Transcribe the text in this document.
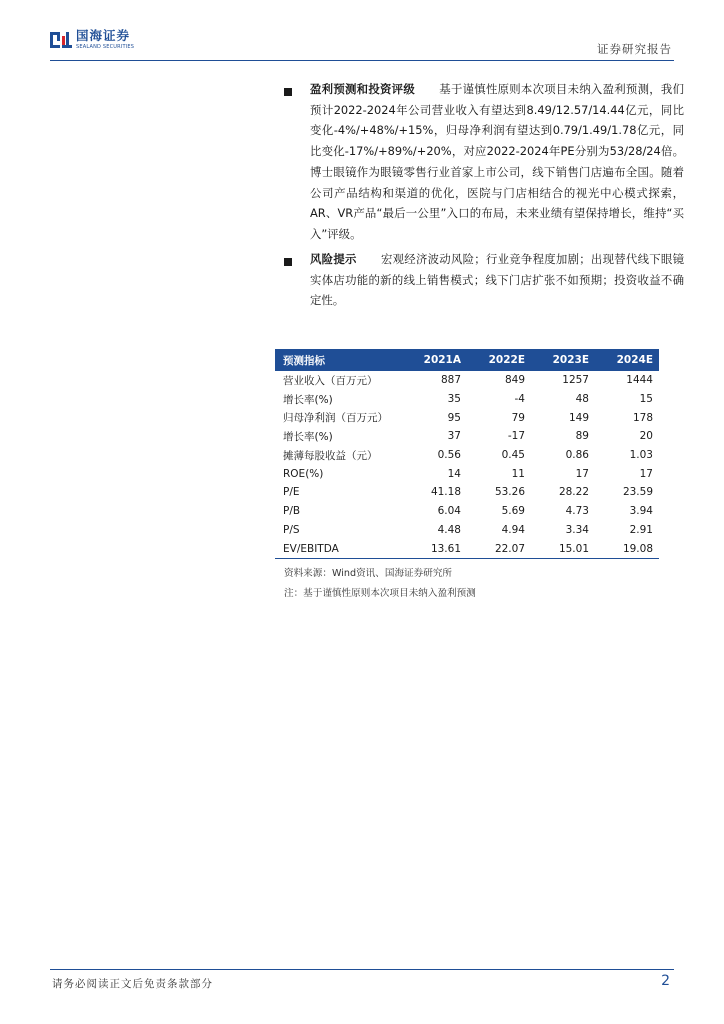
国海证券
SEALAND SECURITIES	证券研究报告

盈利预测和投资评级 基于谨慎性原则本次项目未纳入盈利预测，我们预计2022-2024年公司营业收入有望达到8.49/12.57/14.44亿元，同比变化-4%/+48%/+15%，归母净利润有望达到0.79/1.49/1.78亿元，同比变化-17%/+89%/+20%，对应2022-2024年PE分别为53/28/24倍。博士眼镜作为眼镜零售行业首家上市公司，线下销售门店遍布全国。随着公司产品结构和渠道的优化，医院与门店相结合的视光中心模式探索，AR、VR产品“最后一公里”入口的布局，未来业绩有望保持增长，维持“买入”评级。

风险提示 宏观经济波动风险；行业竞争程度加剧；出现替代线下眼镜实体店功能的新的线上销售模式；线下门店扩张不如预期；投资收益不确定性。

预测指标	2021A	2022E	2023E	2024E
营业收入（百万元）	887	849	1257	1444
增长率(%)	35	-4	48	15
归母净利润（百万元）	95	79	149	178
增长率(%)	37	-17	89	20
摊薄每股收益（元）	0.56	0.45	0.86	1.03
ROE(%)	14	11	17	17
P/E	41.18	53.26	28.22	23.59
P/B	6.04	5.69	4.73	3.94
P/S	4.48	4.94	3.34	2.91
EV/EBITDA	13.61	22.07	15.01	19.08
资料来源：Wind资讯、国海证券研究所
注：基于谨慎性原则本次项目未纳入盈利预测
请务必阅读正文后免责条款部分	2
